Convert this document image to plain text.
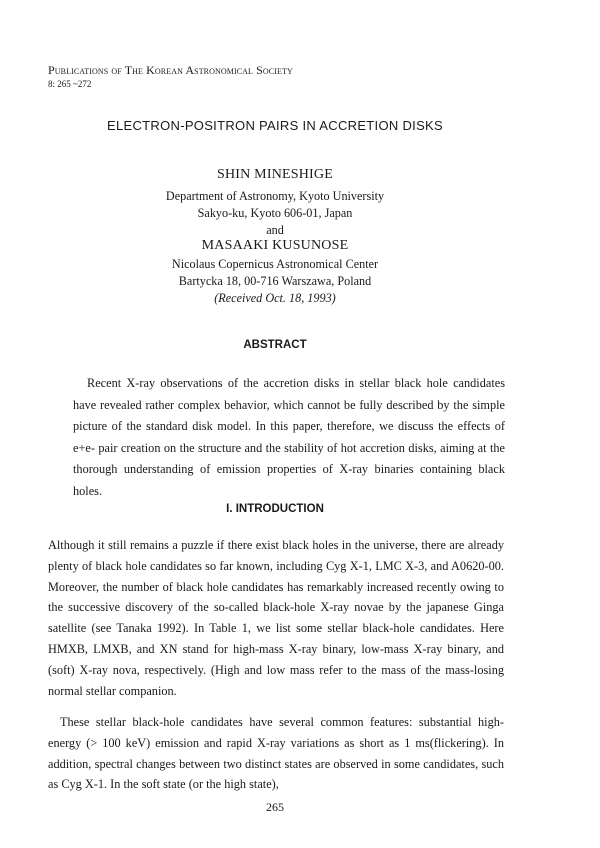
Publications of The Korean Astronomical Society
8: 265 ~272
ELECTRON-POSITRON PAIRS IN ACCRETION DISKS
SHIN MINESHIGE
Department of Astronomy, Kyoto University
Sakyo-ku, Kyoto 606-01, Japan
and
MASAAKI KUSUNOSE
Nicolaus Copernicus Astronomical Center
Bartycka 18, 00-716 Warszawa, Poland
(Received Oct. 18, 1993)
ABSTRACT

Recent X-ray observations of the accretion disks in stellar black hole candidates have revealed rather complex behavior, which cannot be fully described by the simple picture of the standard disk model. In this paper, therefore, we discuss the effects of e+e- pair creation on the structure and the stability of hot accretion disks, aiming at the thorough understanding of emission properties of X-ray binaries containing black holes.

I. INTRODUCTION

Although it still remains a puzzle if there exist black holes in the universe, there are already plenty of black hole candidates so far known, including Cyg X-1, LMC X-3, and A0620-00. Moreover, the number of black hole candidates has remarkably increased recently owing to the successive discovery of the so-called black-hole X-ray novae by the japanese Ginga satellite (see Tanaka 1992). In Table 1, we list some stellar black-hole candidates. Here HMXB, LMXB, and XN stand for high-mass X-ray binary, low-mass X-ray binary, and (soft) X-ray nova, respectively. (High and low mass refer to the mass of the mass-losing normal stellar companion.

These stellar black-hole candidates have several common features: substantial high-energy (> 100 keV) emission and rapid X-ray variations as short as 1 ms(flickering). In addition, spectral changes between two distinct states are observed in some candidates, such as Cyg X-1. In the soft state (or the high state),

265
